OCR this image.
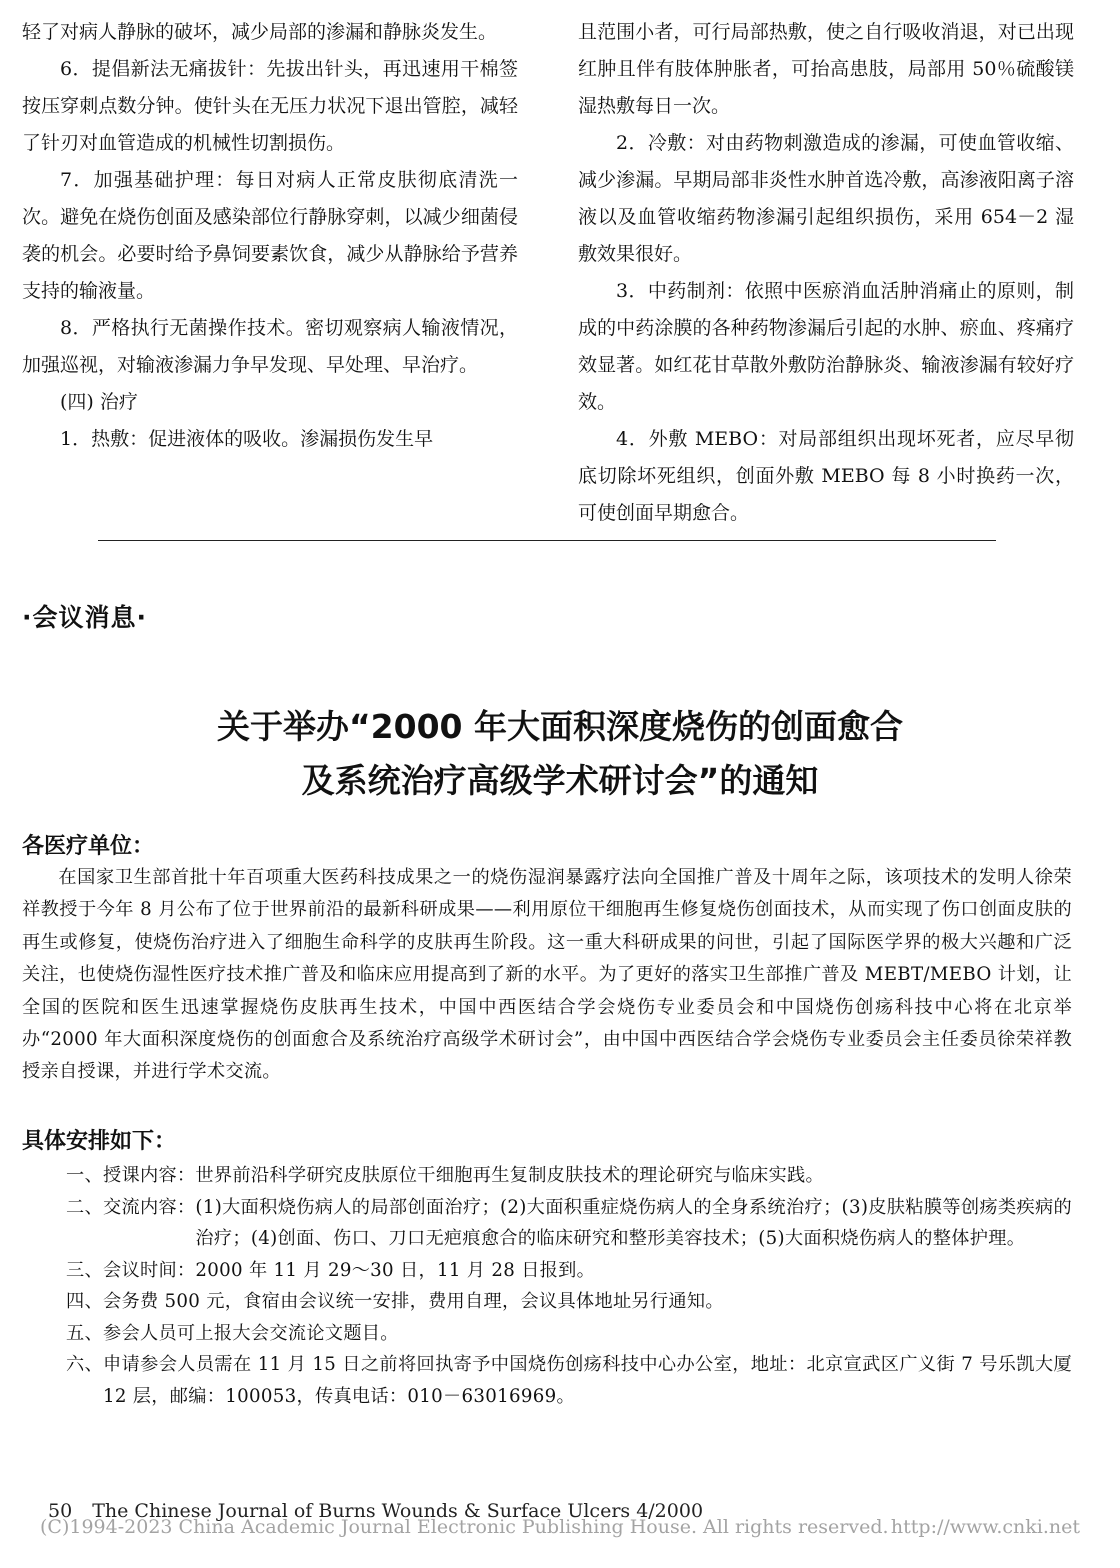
轻了对病人静脉的破坏，减少局部的渗漏和静脉炎发生。

6．提倡新法无痛拔针：先拔出针头，再迅速用干棉签按压穿刺点数分钟。使针头在无压力状况下退出管腔，减轻了针刃对血管造成的机械性切割损伤。

7．加强基础护理：每日对病人正常皮肤彻底清洗一次。避免在烧伤创面及感染部位行静脉穿刺，以减少细菌侵袭的机会。必要时给予鼻饲要素饮食，减少从静脉给予营养支持的输液量。

8．严格执行无菌操作技术。密切观察病人输液情况，加强巡视，对输液渗漏力争早发现、早处理、早治疗。

(四) 治疗

1．热敷：促进液体的吸收。渗漏损伤发生早

且范围小者，可行局部热敷，使之自行吸收消退，对已出现红肿且伴有肢体肿胀者，可抬高患肢，局部用 50％硫酸镁湿热敷每日一次。

2．冷敷：对由药物刺激造成的渗漏，可使血管收缩、减少渗漏。早期局部非炎性水肿首选冷敷，高渗液阳离子溶液以及血管收缩药物渗漏引起组织损伤，采用 654－2 湿敷效果很好。

3．中药制剂：依照中医瘀消血活肿消痛止的原则，制成的中药涂膜的各种药物渗漏后引起的水肿、瘀血、疼痛疗效显著。如红花甘草散外敷防治静脉炎、输液渗漏有较好疗效。

4．外敷 MEBO：对局部组织出现坏死者，应尽早彻底切除坏死组织，创面外敷 MEBO 每 8 小时换药一次，可使创面早期愈合。

·会议消息·
关于举办“2000 年大面积深度烧伤的创面愈合
及系统治疗高级学术研讨会”的通知
各医疗单位：

在国家卫生部首批十年百项重大医药科技成果之一的烧伤湿润暴露疗法向全国推广普及十周年之际，该项技术的发明人徐荣祥教授于今年 8 月公布了位于世界前沿的最新科研成果——利用原位干细胞再生修复烧伤创面技术，从而实现了伤口创面皮肤的再生或修复，使烧伤治疗进入了细胞生命科学的皮肤再生阶段。这一重大科研成果的问世，引起了国际医学界的极大兴趣和广泛关注，也使烧伤湿性医疗技术推广普及和临床应用提高到了新的水平。为了更好的落实卫生部推广普及 MEBT/MEBO 计划，让全国的医院和医生迅速掌握烧伤皮肤再生技术，中国中西医结合学会烧伤专业委员会和中国烧伤创疡科技中心将在北京举办“2000 年大面积深度烧伤的创面愈合及系统治疗高级学术研讨会”，由中国中西医结合学会烧伤专业委员会主任委员徐荣祥教授亲自授课，并进行学术交流。

具体安排如下：
一、授课内容： 世界前沿科学研究皮肤原位干细胞再生复制皮肤技术的理论研究与临床实践。
二、交流内容： (1)大面积烧伤病人的局部创面治疗；(2)大面积重症烧伤病人的全身系统治疗；(3)皮肤粘膜等创疡类疾病的治疗；(4)创面、伤口、刀口无疤痕愈合的临床研究和整形美容技术；(5)大面积烧伤病人的整体护理。
三、会议时间： 2000 年 11 月 29～30 日，11 月 28 日报到。
四、 会务费 500 元，食宿由会议统一安排，费用自理，会议具体地址另行通知。
五、 参会人员可上报大会交流论文题目。
六、 申请参会人员需在 11 月 15 日之前将回执寄予中国烧伤创疡科技中心办公室，地址：北京宣武区广义街 7 号乐凯大厦 12 层，邮编：100053，传真电话：010－63016969。
50 The Chinese Journal of Burns Wounds & Surface Ulcers 4/2000
(C)1994-2023 China Academic Journal Electronic Publishing House. All rights reserved. http://www.cnki.net
